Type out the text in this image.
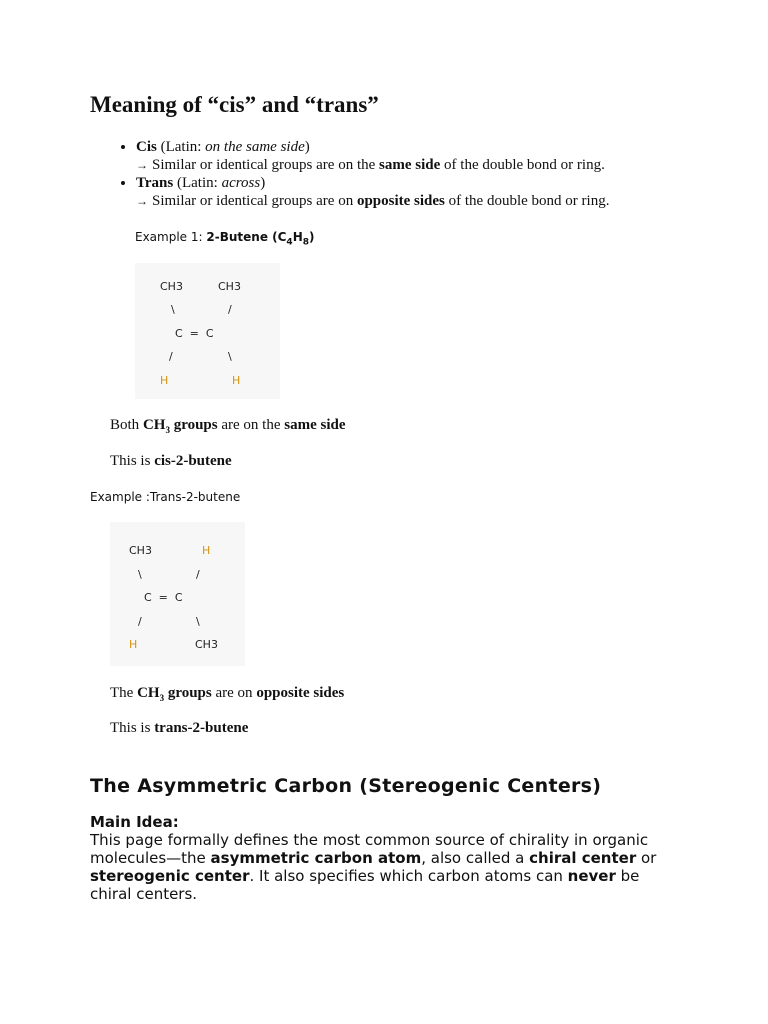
Meaning of “cis” and “trans”
• Cis (Latin: on the same side)
→ Similar or identical groups are on the same side of the double bond or ring.
• Trans (Latin: across)
→ Similar or identical groups are on opposite sides of the double bond or ring.
Example 1: 2-Butene $(C_4H_8)$
CH3	CH3
\	/
C  =  C
/	\
H	H
Both $CH_3$ groups are on the same side
This is cis-2-butene
Example :Trans-2-butene
CH3	H
\	/
C  =  C
/	\
H	CH3
The $CH_3$ groups are on opposite sides
This is trans-2-butene
The Asymmetric Carbon (Stereogenic Centers)
Main Idea:
This page formally defines the most common source of chirality in organic molecules—the asymmetric carbon atom, also called a chiral center or stereogenic center. It also specifies which carbon atoms can never be chiral centers.
